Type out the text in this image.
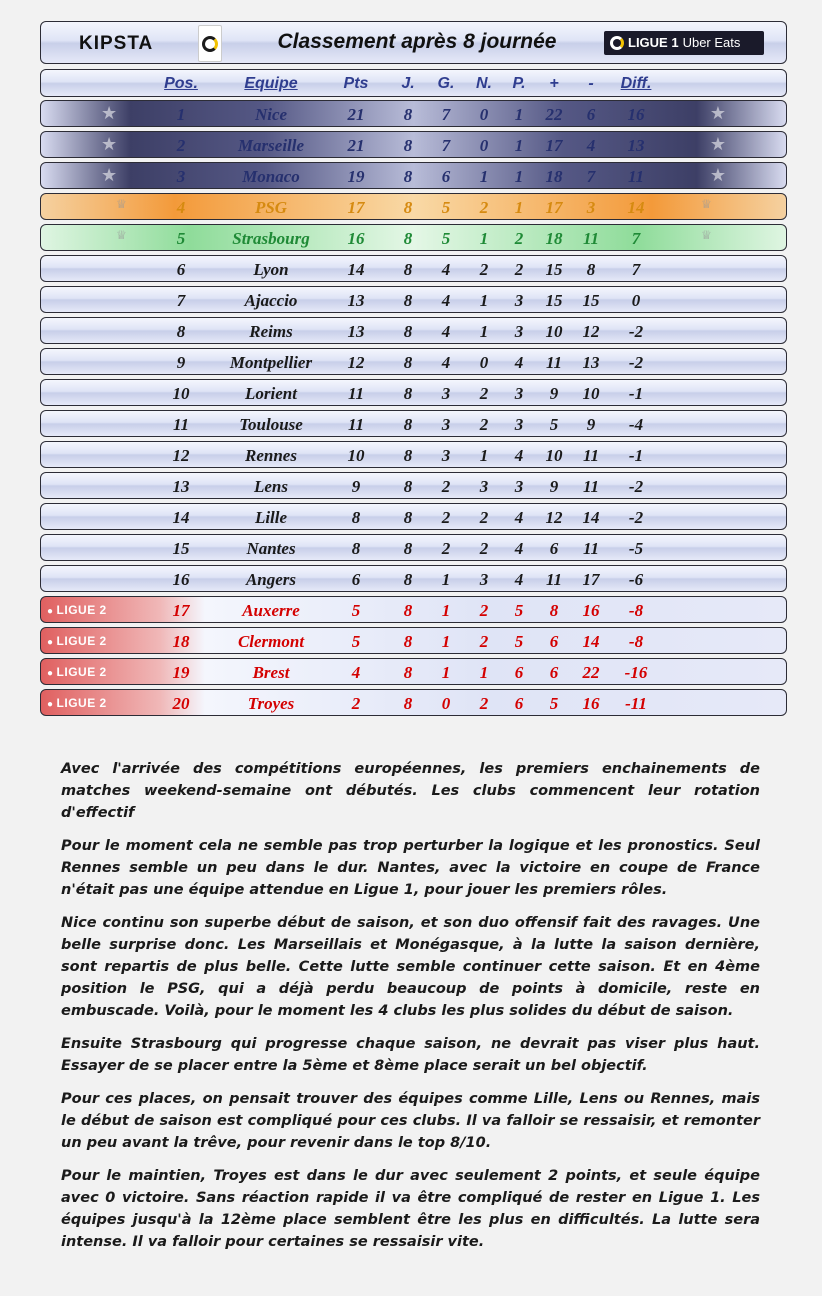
KIPSTA	Classement après 8 journée	LIGUE 1 Uber Eats
Pos.	Equipe	Pts	J.	G.	N.	P.	+	-	Diff.
★	★
1	Nice	21	8	7	0	1	22	6	16
★	★
2	Marseille	21	8	7	0	1	17	4	13
★	★
3	Monaco	19	8	6	1	1	18	7	11
♕	♕
4	PSG	17	8	5	2	1	17	3	14
♕	♕
5	Strasbourg	16	8	5	1	2	18	11	7
6	Lyon	14	8	4	2	2	15	8	7
7	Ajaccio	13	8	4	1	3	15	15	0
8	Reims	13	8	4	1	3	10	12	-2
9	Montpellier	12	8	4	0	4	11	13	-2
10	Lorient	11	8	3	2	3	9	10	-1
11	Toulouse	11	8	3	2	3	5	9	-4
12	Rennes	10	8	3	1	4	10	11	-1
13	Lens	9	8	2	3	3	9	11	-2
14	Lille	8	8	2	2	4	12	14	-2
15	Nantes	8	8	2	2	4	6	11	-5
16	Angers	6	8	1	3	4	11	17	-6
● LIGUE 2	17	Auxerre	5	8	1	2	5	8	16	-8
● LIGUE 2	18	Clermont	5	8	1	2	5	6	14	-8
● LIGUE 2	19	Brest	4	8	1	1	6	6	22	-16
● LIGUE 2	20	Troyes	2	8	0	2	6	5	16	-11

Avec l'arrivée des compétitions européennes, les premiers enchainements de matches weekend-semaine ont débutés. Les clubs commencent leur rotation d'effectif

Pour le moment cela ne semble pas trop perturber la logique et les pronostics. Seul Rennes semble un peu dans le dur. Nantes, avec la victoire en coupe de France n'était pas une équipe attendue en Ligue 1, pour jouer les premiers rôles.

Nice continu son superbe début de saison, et son duo offensif fait des ravages. Une belle surprise donc. Les Marseillais et Monégasque, à la lutte la saison dernière, sont repartis de plus belle. Cette lutte semble continuer cette saison. Et en 4ème position le PSG, qui a déjà perdu beaucoup de points à domicile, reste en embuscade. Voilà, pour le moment les 4 clubs les plus solides du début de saison.

Ensuite Strasbourg qui progresse chaque saison, ne devrait pas viser plus haut. Essayer de se placer entre la 5ème et 8ème place serait un bel objectif.

Pour ces places, on pensait trouver des équipes comme Lille, Lens ou Rennes, mais le début de saison est compliqué pour ces clubs. Il va falloir se ressaisir, et remonter un peu avant la trêve, pour revenir dans le top 8/10.

Pour le maintien, Troyes est dans le dur avec seulement 2 points, et seule équipe avec 0 victoire. Sans réaction rapide il va être compliqué de rester en Ligue 1. Les équipes jusqu'à la 12ème place semblent être les plus en difficultés. La lutte sera intense. Il va falloir pour certaines se ressaisir vite.
